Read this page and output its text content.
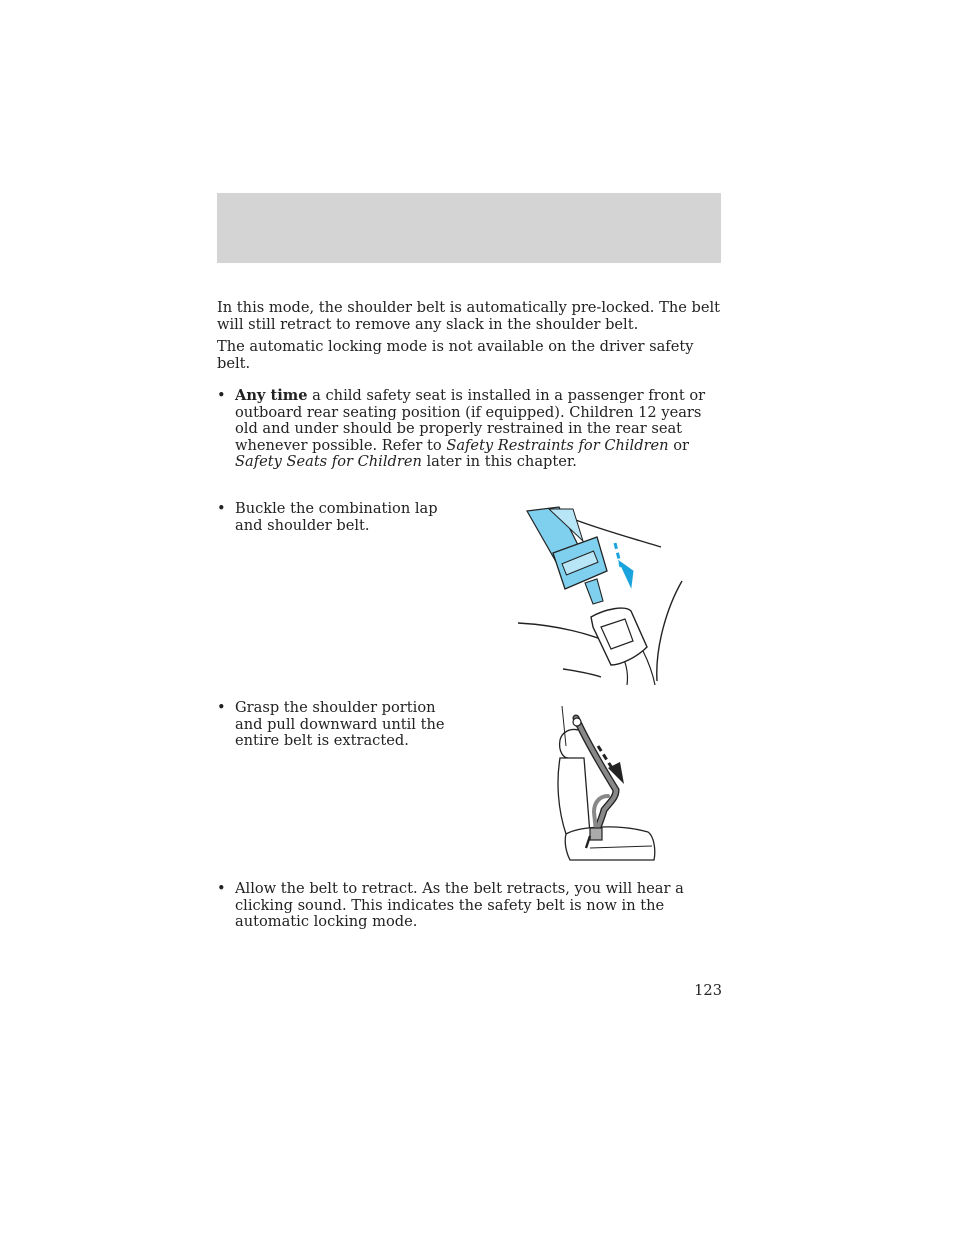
In this mode, the shoulder belt is automatically pre-locked. The belt will still retract to remove any slack in the shoulder belt.

The automatic locking mode is not available on the driver safety belt.

• Any time a child safety seat is installed in a passenger front or outboard rear seating position (if equipped). Children 12 years old and under should be properly restrained in the rear seat whenever possible. Refer to Safety Restraints for Children or Safety Seats for Children later in this chapter.
• Buckle the combination lap and shoulder belt.
• Grasp the shoulder portion and pull downward until the entire belt is extracted.
• Allow the belt to retract. As the belt retracts, you will hear a clicking sound. This indicates the safety belt is now in the automatic locking mode.
123
